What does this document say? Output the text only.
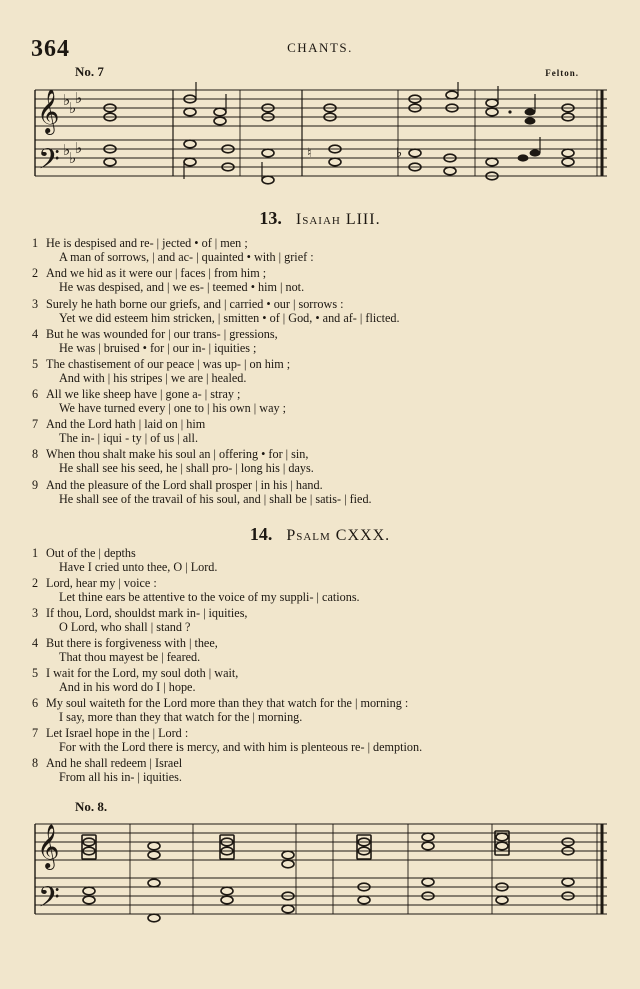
364	CHANTS.
No. 7	Felton.
𝄞
𝄢
♭
♭
♭
♭
♭
♭	♮	♭
13. Isaiah LIII.
1 He is despised and re- | jected • of | men ;
A man of sorrows, | and ac- | quainted • with | grief :
2 And we hid as it were our | faces | from him ;
He was despised, and | we es- | teemed • him | not.
3 Surely he hath borne our griefs, and | carried • our | sorrows :
Yet we did esteem him stricken, | smitten • of | God, • and af- | flicted.
4 But he was wounded for | our trans- | gressions,
He was | bruised • for | our in- | iquities ;
5 The chastisement of our peace | was up- | on him ;
And with | his stripes | we are | healed.
6 All we like sheep have | gone a- | stray ;
We have turned every | one to | his own | way ;
7 And the Lord hath | laid on | him
The in- | iqui - ty | of us | all.
8 When thou shalt make his soul an | offering • for | sin,
He shall see his seed, he | shall pro- | long his | days.
9 And the pleasure of the Lord shall prosper | in his | hand.
He shall see of the travail of his soul, and | shall be | satis- | fied.
14. Psalm CXXX.
1 Out of the | depths
Have I cried unto thee, O | Lord.
2 Lord, hear my | voice :
Let thine ears be attentive to the voice of my suppli- | cations.
3 If thou, Lord, shouldst mark in- | iquities,
O Lord, who shall | stand ?
4 But there is forgiveness with | thee,
That thou mayest be | feared.
5 I wait for the Lord, my soul doth | wait,
And in his word do I | hope.
6 My soul waiteth for the Lord more than they that watch for the | morning :
I say, more than they that watch for the | morning.
7 Let Israel hope in the | Lord :
For with the Lord there is mercy, and with him is plenteous re- | demption.
8 And he shall redeem | Israel
From all his in- | iquities.
No. 8.
𝄞
𝄢
